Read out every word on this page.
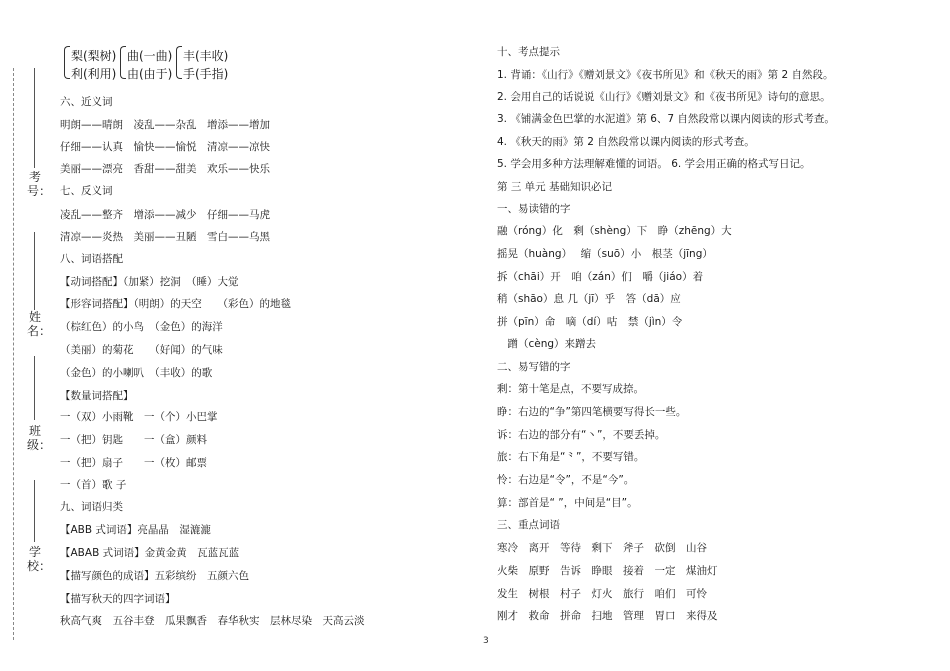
考号：
姓名：
班级：
学校：
梨(梨树)
利(利用)
曲(一曲)
由(由于)
丰(丰收)
手(手指)
六、近义词
明朗——晴朗　凌乱——杂乱　增添——增加
仔细——认真　愉快——愉悦　清凉——凉快
美丽——漂亮　香甜——甜美　欢乐——快乐
七、反义词
凌乱——整齐　增添——减少　仔细——马虎
清凉——炎热　美丽——丑陋　雪白——乌黑
八、词语搭配
【动词搭配】（加紧）挖洞　（睡）大觉
【形容词搭配】（明朗）的天空　　（彩色）的地毯
（棕红色）的小鸟　（金色）的海洋
（美丽）的菊花　　（好闻）的气味
（金色）的小喇叭　（丰收）的歌
【数量词搭配】
一（双）小雨靴　一（个）小巴掌
一（把）钥匙　　一（盒）颜料
一（把）扇子　　一（枚）邮票
一（首）歌 子
九、词语归类
【ABB 式词语】亮晶晶　湿漉漉
【ABAB 式词语】金黄金黄　瓦蓝瓦蓝
【描写颜色的成语】五彩缤纷　五颜六色
【描写秋天的四字词语】
秋高气爽　五谷丰登　瓜果飘香　春华秋实　层林尽染　天高云淡
十、考点提示
1. 背诵：《山行》《赠刘景文》《夜书所见》和《秋天的雨》第 2 自然段。
2. 会用自己的话说说《山行》《赠刘景文》和《夜书所见》诗句的意思。
3. 《铺满金色巴掌的水泥道》第 6、7 自然段常以课内阅读的形式考查。
4. 《秋天的雨》第 2 自然段常以课内阅读的形式考查。
5. 学会用多种方法理解难懂的词语。 6. 学会用正确的格式写日记。
第 三 单元 基础知识必记
一、易读错的字
融（róng）化　剩（shèng）下　睁（zhēng）大
摇晃（huàng）　 缩（suō）小　根茎（jīng）
拆（chāi）开　咱（zán）们　嚼（jiáo）着
稍（shāo）息 几（jī）乎　答（dā）应
拼（pīn）命　嘀（dí）咕　禁（jìn）令
　蹭（cèng）来蹭去
二、易写错的字
剩：第十笔是点，不要写成捺。
睁：右边的“争”第四笔横要写得长一些。
诉：右边的部分有“丶”，不要丢掉。
旅：右下角是“⺀”，不要写错。
怜：右边是“令”，不是“今”。
算：部首是“ ”，中间是“目”。
三、重点词语
寒冷　离开　等待　剩下　斧子　砍倒　山谷
火柴　原野　告诉　睁眼　接着　一定　煤油灯
发生　树根　村子　灯火　旅行　咱们　可怜
刚才　救命　拼命　扫地　管理　胃口　来得及
3
